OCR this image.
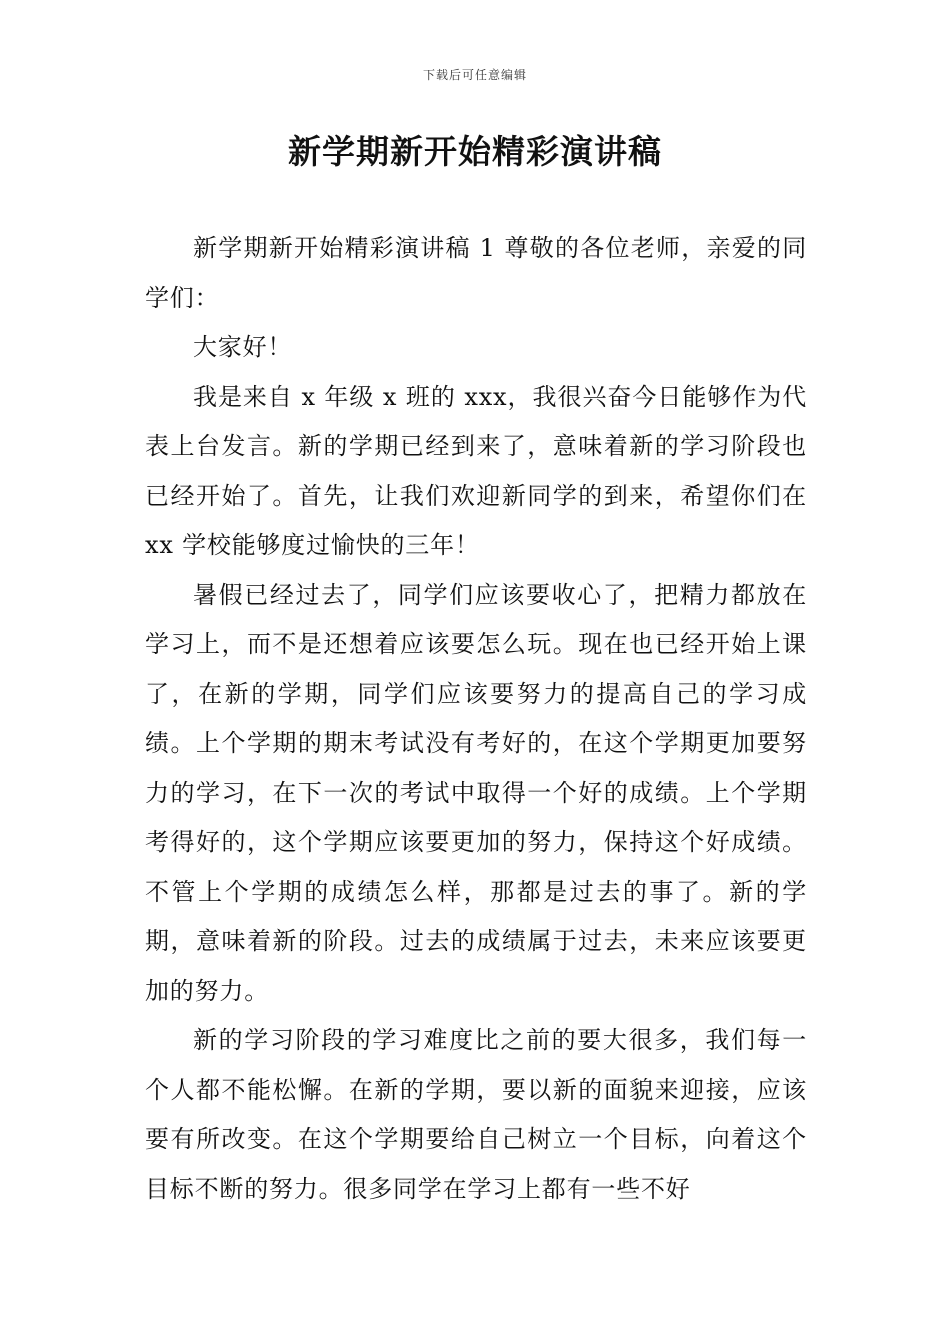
下载后可任意编辑
新学期新开始精彩演讲稿

新学期新开始精彩演讲稿 1 尊敬的各位老师，亲爱的同学们：

大家好！

我是来自 x 年级 x 班的 xxx，我很兴奋今日能够作为代表上台发言。新的学期已经到来了，意味着新的学习阶段也已经开始了。首先，让我们欢迎新同学的到来，希望你们在 xx 学校能够度过愉快的三年！

暑假已经过去了，同学们应该要收心了，把精力都放在学习上，而不是还想着应该要怎么玩。现在也已经开始上课了，在新的学期，同学们应该要努力的提高自己的学习成绩。上个学期的期末考试没有考好的，在这个学期更加要努力的学习，在下一次的考试中取得一个好的成绩。上个学期考得好的，这个学期应该要更加的努力，保持这个好成绩。不管上个学期的成绩怎么样，那都是过去的事了。新的学期，意味着新的阶段。过去的成绩属于过去，未来应该要更加的努力。

新的学习阶段的学习难度比之前的要大很多，我们每一个人都不能松懈。在新的学期，要以新的面貌来迎接，应该要有所改变。在这个学期要给自己树立一个目标，向着这个目标不断的努力。很多同学在学习上都有一些不好
